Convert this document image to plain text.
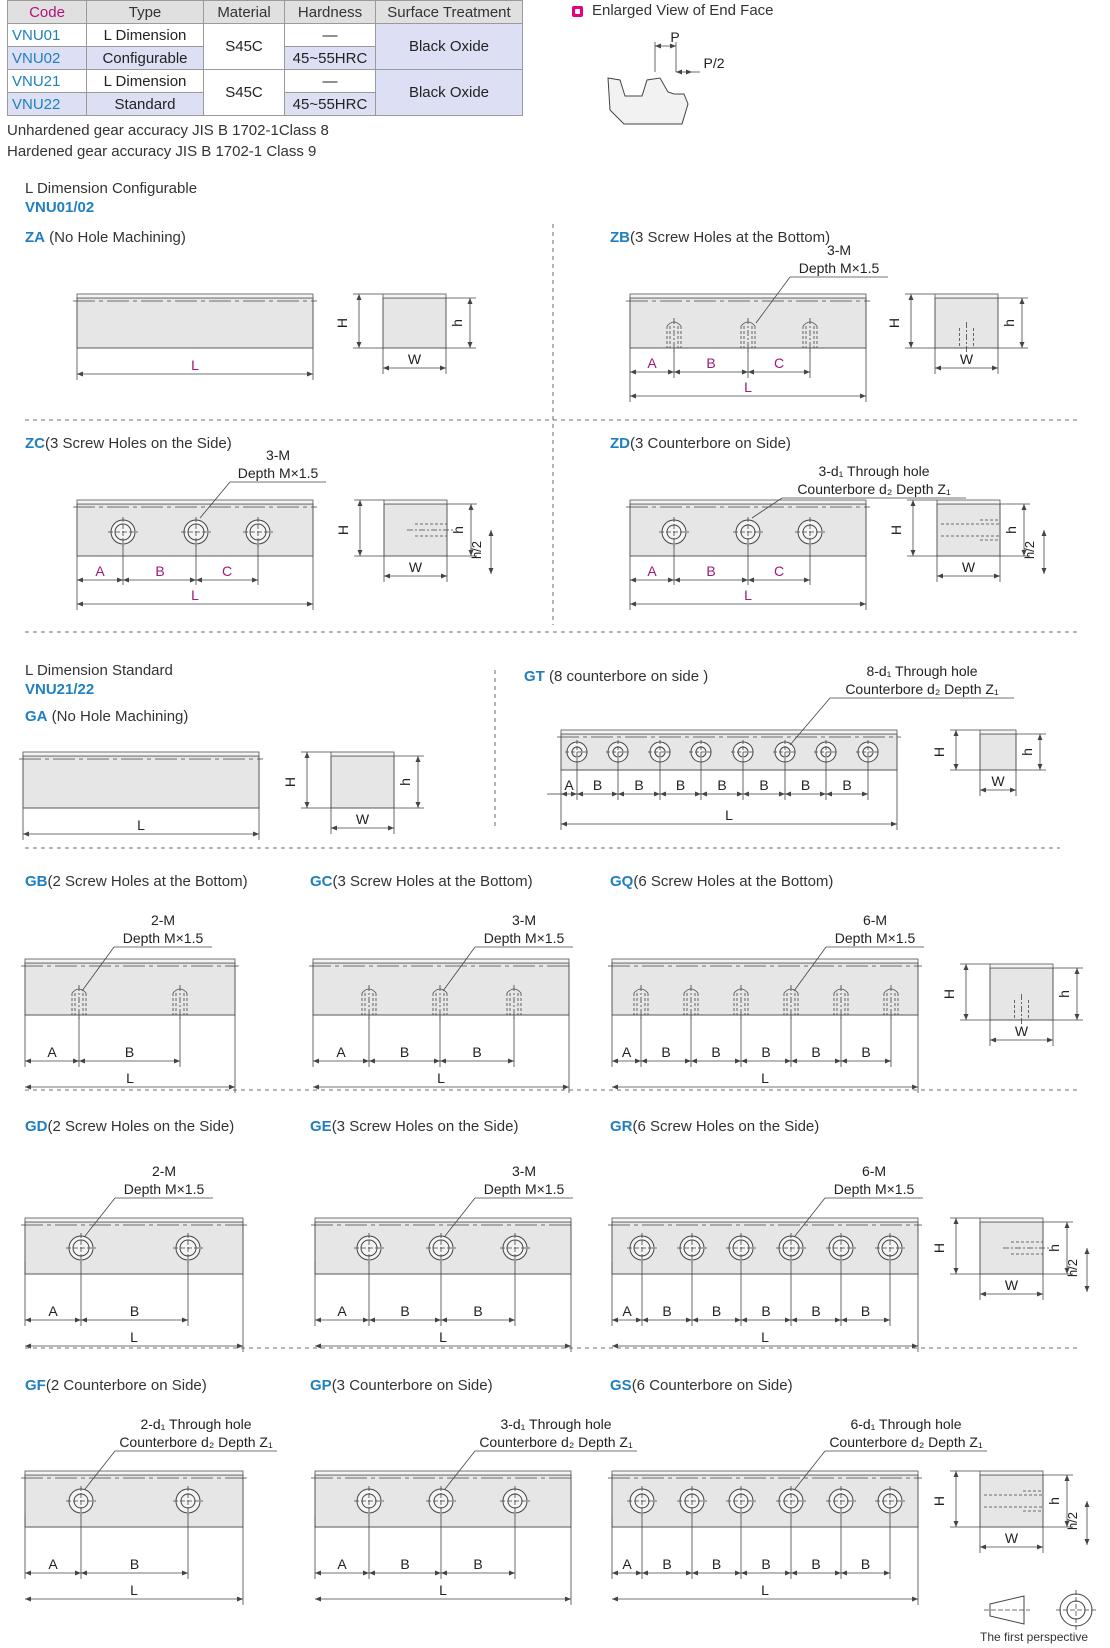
Code	Type	Material	Hardness	Surface Treatment
VNU01	L Dimension	S45C	—	Black Oxide
VNU02	Configurable		45~55HRC	
VNU21	L Dimension	S45C	—	Black Oxide
VNU22	Standard		45~55HRC	
Unhardened gear accuracy JIS B 1702-1Class 8
Hardened gear accuracy JIS B 1702-1 Class 9
Enlarged View of End Face
L Dimension Configurable
VNU01/02
L Dimension Standard
VNU21/22
ZA (No Hole Machining)	ZB(3 Screw Holes at the Bottom)
ZC(3 Screw Holes on the Side)	ZD(3 Counterbore on Side)
GA (No Hole Machining)
GT (8 counterbore on side )
GB(2 Screw Holes at the Bottom)	GC(3 Screw Holes at the Bottom)	GQ(6 Screw Holes at the Bottom)
GD(2 Screw Holes on the Side)	GE(3 Screw Holes on the Side)	GR(6 Screw Holes on the Side)
GF(2 Counterbore on Side)	GP(3 Counterbore on Side)	GS(6 Counterbore on Side)
P
P/2
L
H	h
W
3-M
Depth M×1.5
A	B	C
L
H	h
W
3-M
Depth M×1.5
A	B	C
L
H	h
W
h/2
3-d₁ Through hole
Counterbore d₂ Depth Z₁
A	B	C
L
H	h
W
h/2
L
H	h
W
8-d₁ Through hole
Counterbore d₂ Depth Z₁
A B B B B B B B
L
H	h
W
2-M
Depth M×1.5
A	B
L
3-M
Depth M×1.5
A	B	B
L
6-M
Depth M×1.5
A B	B	B	B	B
L
H	h
W
2-M
Depth M×1.5
A	B
L
3-M
Depth M×1.5
A	B	B
L
6-M
Depth M×1.5
A B	B	B	B	B
L
H	h
W
h/2
2-d₁ Through hole
Counterbore d₂ Depth Z₁
A	B
L
3-d₁ Through hole
Counterbore d₂ Depth Z₁
A	B	B
L
6-d₁ Through hole
Counterbore d₂ Depth Z₁
A B	B	B	B	B
L
H	h
W
h/2
The first perspective
